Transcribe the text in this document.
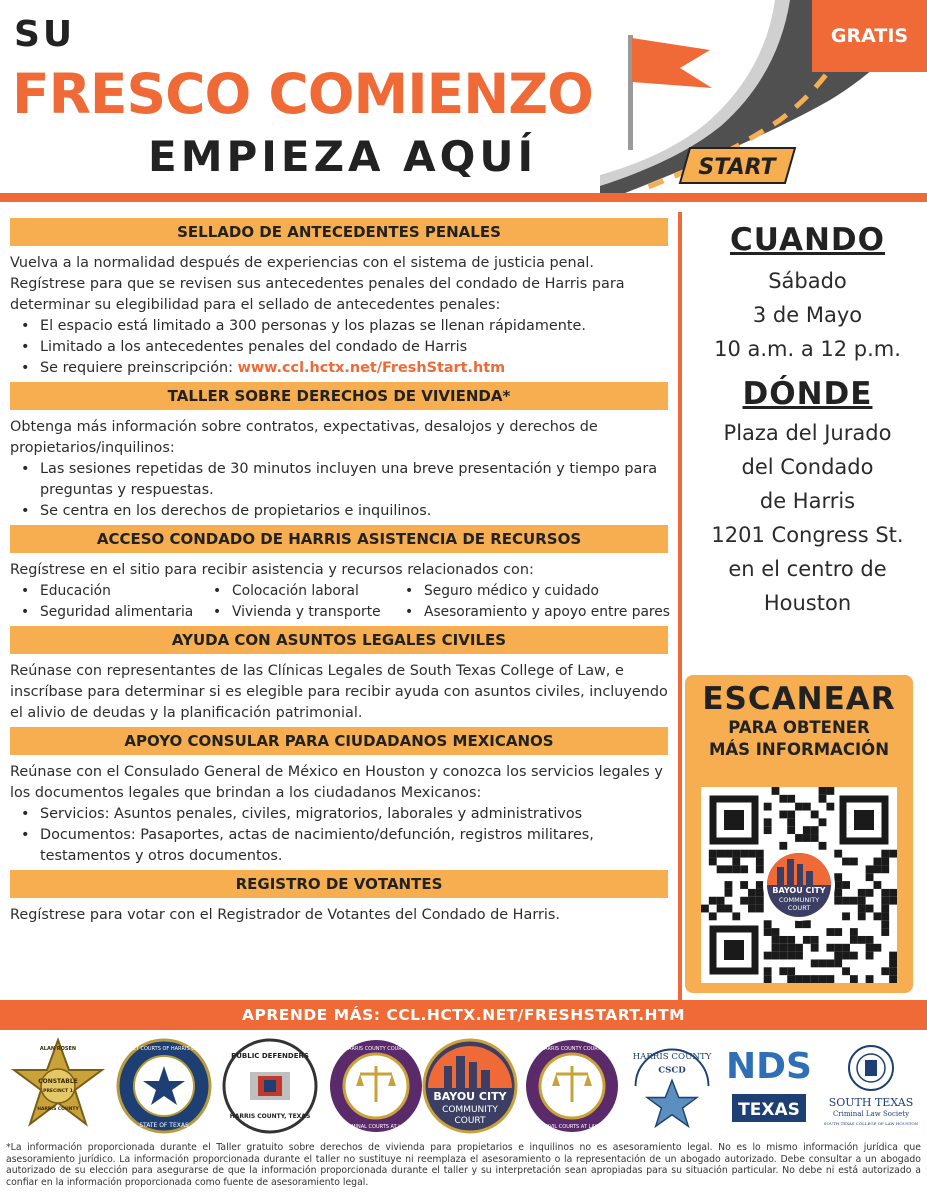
SU
FRESCO COMIENZO
EMPIEZA AQUÍ	START
GRATIS
SELLADO DE ANTECEDENTES PENALES

Vuelva a la normalidad después de experiencias con el sistema de justicia penal. Regístrese para que se revisen sus antecedentes penales del condado de Harris para determinar su elegibilidad para el sellado de antecedentes penales:

• El espacio está limitado a 300 personas y los plazas se llenan rápidamente.
• Limitado a los antecedentes penales del condado de Harris
• Se requiere preinscripción: www.ccl.hctx.net/FreshStart.htm
TALLER SOBRE DERECHOS DE VIVIENDA*

Obtenga más información sobre contratos, expectativas, desalojos y derechos de propietarios/inquilinos:

• Las sesiones repetidas de 30 minutos incluyen una breve presentación y tiempo para preguntas y respuestas.
• Se centra en los derechos de propietarios e inquilinos.
ACCESO CONDADO DE HARRIS ASISTENCIA DE RECURSOS

Regístrese en el sitio para recibir asistencia y recursos relacionados con:

• Educación	• Colocación laboral	• Seguro médico y cuidado
• Seguridad alimentaria	• Vivienda y transporte	• Asesoramiento y apoyo entre pares
AYUDA CON ASUNTOS LEGALES CIVILES

Reúnase con representantes de las Clínicas Legales de South Texas College of Law, e inscríbase para determinar si es elegible para recibir ayuda con asuntos civiles, incluyendo el alivio de deudas y la planificación patrimonial.

APOYO CONSULAR PARA CIUDADANOS MEXICANOS

Reúnase con el Consulado General de México en Houston y conozca los servicios legales y los documentos legales que brindan a los ciudadanos Mexicanos:

• Servicios: Asuntos penales, civiles, migratorios, laborales y administrativos
• Documentos: Pasaportes, actas de nacimiento/defunción, registros militares, testamentos y otros documentos.
REGISTRO DE VOTANTES

Regístrese para votar con el Registrador de Votantes del Condado de Harris.

CUANDO
Sábado
3 de Mayo
10 a.m. a 12 p.m.
DÓNDE
Plaza del Jurado
del Condado
de Harris
1201 Congress St.
en el centro de
Houston
ESCANEAR
PARA OBTENER
MÁS INFORMACIÓN
BAYOU CITY
COMMUNITY
COURT
APRENDE MÁS: CCL.HCTX.NET/FRESHSTART.HTM
ALAN ROSEN
CONSTABLE
PRECINCT 1
HARRIS COUNTY
DISTRICT COURTS OF HARRIS COUNTY
STATE OF TEXAS
PUBLIC DEFENDERS
HARRIS COUNTY, TEXAS
HARRIS COUNTY COURTS
CRIMINAL COURTS AT LAW
BAYOU CITY
COMMUNITY
COURT
HARRIS COUNTY COURTS
CIVIL COURTS AT LAW
HARRIS COUNTY
CSCD NDS
TEXAS	SOUTH TEXAS
Criminal Law Society
SOUTH TEXAS COLLEGE OF LAW HOUSTON
*La información proporcionada durante el Taller gratuito sobre derechos de vivienda para propietarios e inquilinos no es asesoramiento legal. No es lo mismo información jurídica que asesoramiento jurídico. La información proporcionada durante el taller no sustituye ni reemplaza el asesoramiento o la representación de un abogado autorizado. Debe consultar a un abogado autorizado de su elección para asegurarse de que la información proporcionada durante el taller y su interpretación sean apropiadas para su situación particular. No debe ni está autorizado a confiar en la información proporcionada como fuente de asesoramiento legal.
